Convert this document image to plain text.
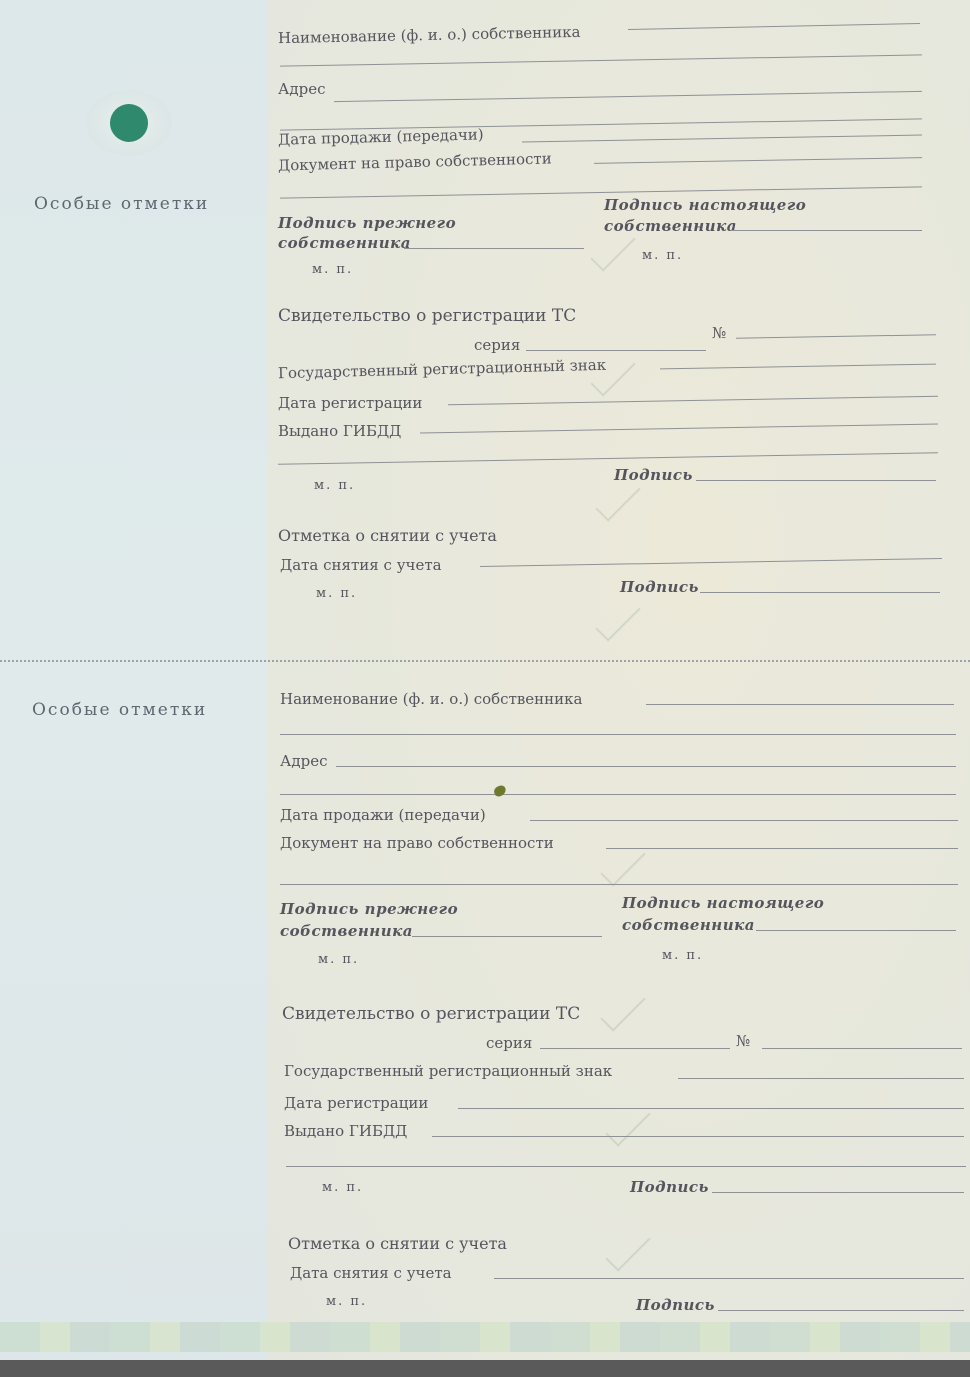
Особые отметки
Наименование (ф. и. о.) собственника
Адрес
Дата продажи (передачи)
Документ на право собственности
Подпись прежнего
собственника
Подпись настоящего
собственника
м. п.
м. п.
Свидетельство о регистрации ТС
серия
№
Государственный регистрационный знак
Дата регистрации
Выдано ГИБДД
м. п.
Подпись
Отметка о снятии с учета
Дата снятия с учета
м. п.	Подпись
Особые отметки
Наименование (ф. и. о.) собственника
Адрес
Дата продажи (передачи)
Документ на право собственности
Подпись прежнего
собственника
Подпись настоящего
собственника
м. п.	м. п.
Свидетельство о регистрации ТС
серия	№
Государственный регистрационный знак
Дата регистрации
Выдано ГИБДД
м. п.	Подпись
Отметка о снятии с учета
Дата снятия с учета
м. п.	Подпись
